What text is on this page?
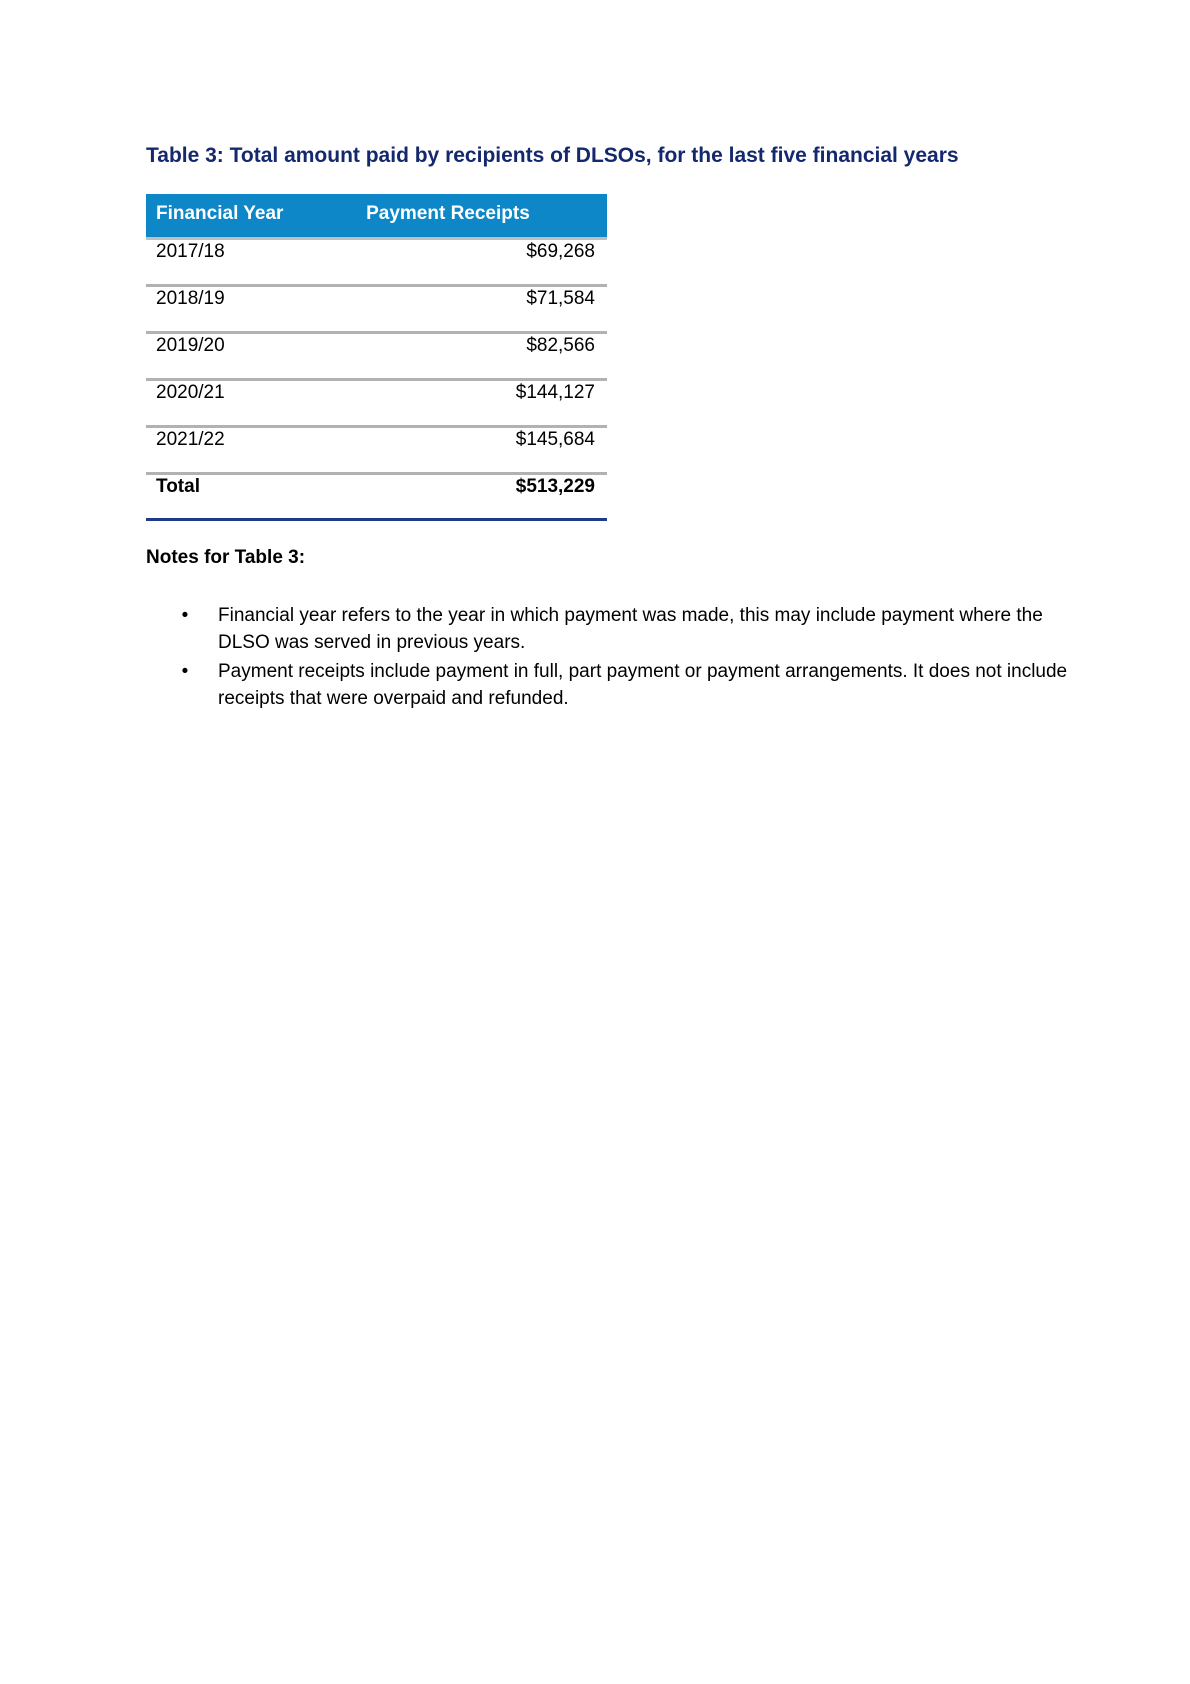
Table 3: Total amount paid by recipients of DLSOs, for the last five financial years
Financial Year	Payment Receipts
2017/18	$69,268
2018/19	$71,584
2019/20	$82,566
2020/21	$144,127
2021/22	$145,684
Total	$513,229
Notes for Table 3:
• Financial year refers to the year in which payment was made, this may include payment where the DLSO was served in previous years.
• Payment receipts include payment in full, part payment or payment arrangements. It does not include receipts that were overpaid and refunded.
